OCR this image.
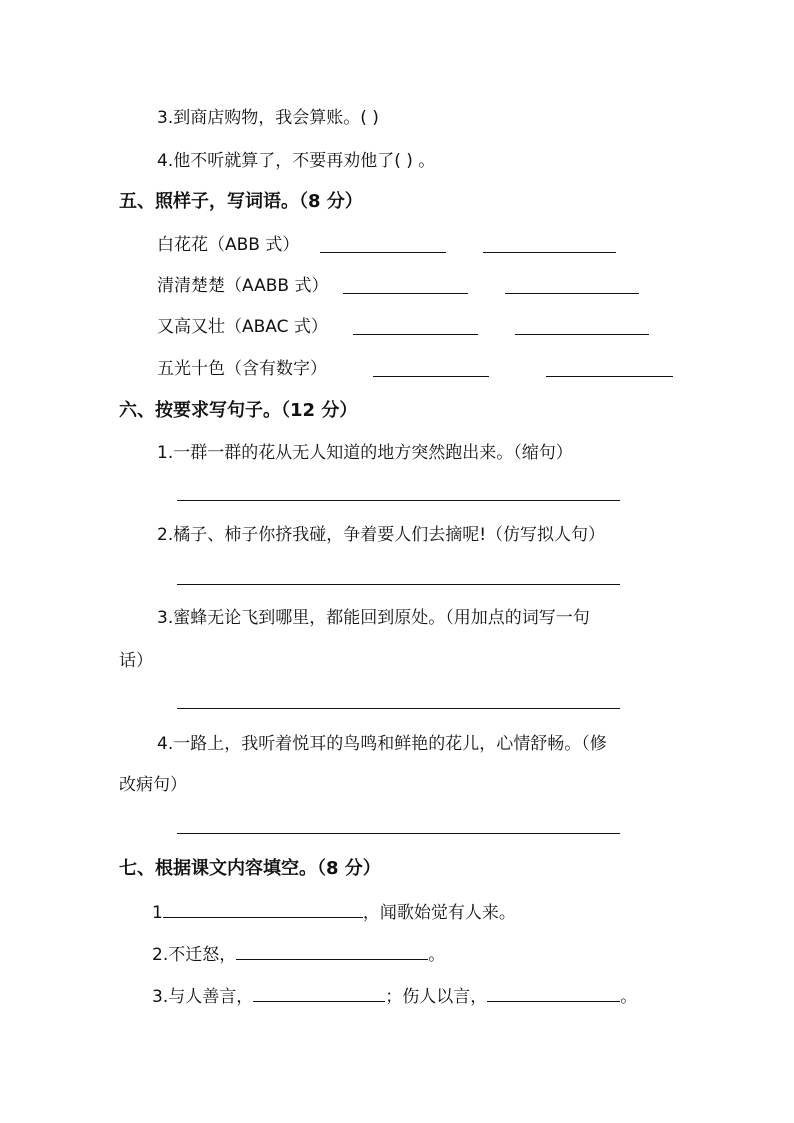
3.到商店购物，我会算账。( )
4.他不听就算了，不要再劝他了( ) 。
五、照样子，写词语。（8 分）
白花花（ABB 式）
清清楚楚（AABB 式）
又高又壮（ABAC 式）
五光十色（含有数字）
六、按要求写句子。（12 分）
1.一群一群的花从无人知道的地方突然跑出来。（缩句）
2.橘子、柿子你挤我碰，争着要人们去摘呢!（仿写拟人句）
3.蜜蜂无论飞到哪里，都能回到原处。（用加点的词写一句
话）
4.一路上，我听着悦耳的鸟鸣和鲜艳的花儿，心情舒畅。（修
改病句）
七、根据课文内容填空。（8 分）
1	，闻歌始觉有人来。
2.不迁怒，	。
3.与人善言，	；伤人以言，	。
